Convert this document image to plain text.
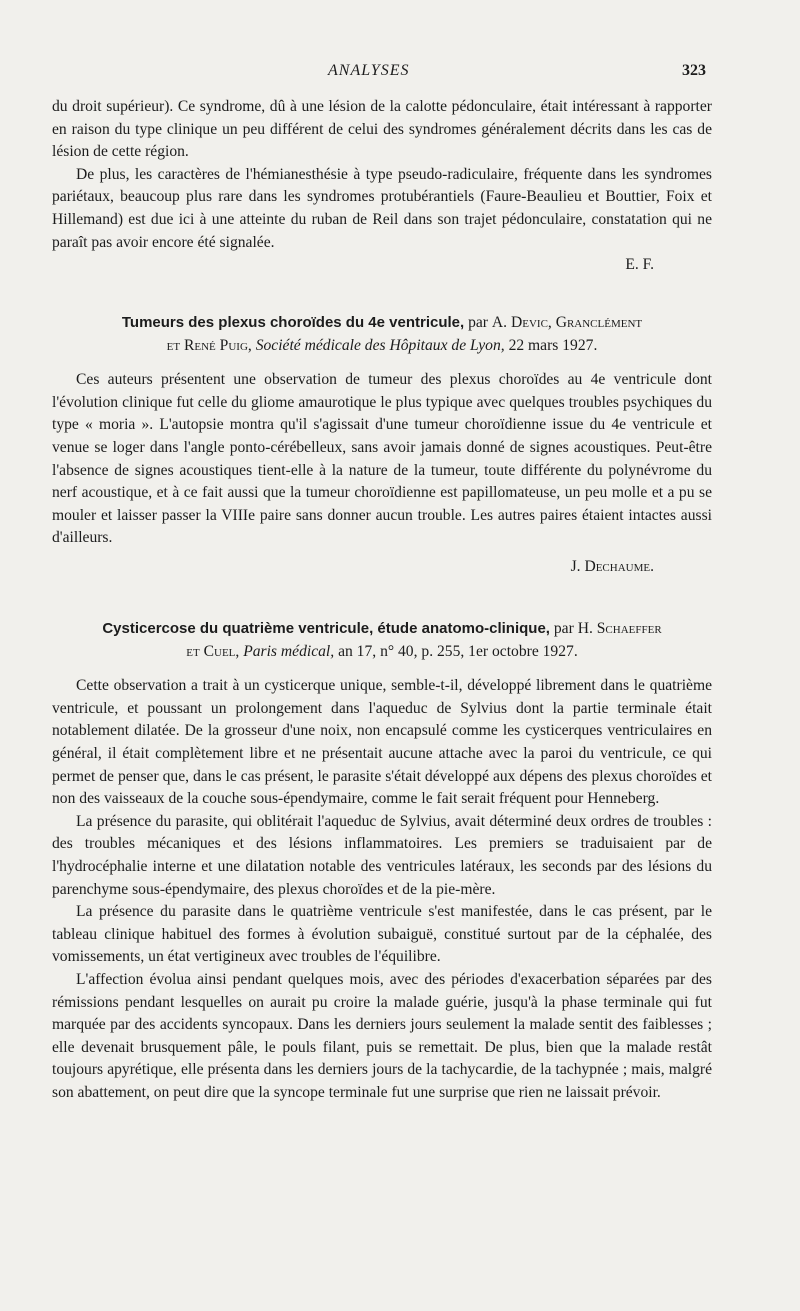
ANALYSES	323

du droit supérieur). Ce syndrome, dû à une lésion de la calotte pédonculaire, était intéressant à rapporter en raison du type clinique un peu différent de celui des syndromes généralement décrits dans les cas de lésion de cette région.

De plus, les caractères de l'hémianesthésie à type pseudo-radiculaire, fréquente dans les syndromes pariétaux, beaucoup plus rare dans les syndromes protubérantiels (Faure-Beaulieu et Bouttier, Foix et Hillemand) est due ici à une atteinte du ruban de Reil dans son trajet pédonculaire, constatation qui ne paraît pas avoir encore été signalée.

E. F.

Tumeurs des plexus choroïdes du 4e ventricule, par A. Devic, Granclément
et René Puig, Société médicale des Hôpitaux de Lyon, 22 mars 1927.

Ces auteurs présentent une observation de tumeur des plexus choroïdes au 4e ventricule dont l'évolution clinique fut celle du gliome amaurotique le plus typique avec quelques troubles psychiques du type « moria ». L'autopsie montra qu'il s'agissait d'une tumeur choroïdienne issue du 4e ventricule et venue se loger dans l'angle ponto-cérébelleux, sans avoir jamais donné de signes acoustiques. Peut-être l'absence de signes acoustiques tient-elle à la nature de la tumeur, toute différente du polynévrome du nerf acoustique, et à ce fait aussi que la tumeur choroïdienne est papillomateuse, un peu molle et a pu se mouler et laisser passer la VIIIe paire sans donner aucun trouble. Les autres paires étaient intactes aussi d'ailleurs.

J. Dechaume.

Cysticercose du quatrième ventricule, étude anatomo-clinique, par H. Schaeffer
et Cuel, Paris médical, an 17, n° 40, p. 255, 1er octobre 1927.

Cette observation a trait à un cysticerque unique, semble-t-il, développé librement dans le quatrième ventricule, et poussant un prolongement dans l'aqueduc de Sylvius dont la partie terminale était notablement dilatée. De la grosseur d'une noix, non encapsulé comme les cysticerques ventriculaires en général, il était complètement libre et ne présentait aucune attache avec la paroi du ventricule, ce qui permet de penser que, dans le cas présent, le parasite s'était développé aux dépens des plexus choroïdes et non des vaisseaux de la couche sous-épendymaire, comme le fait serait fréquent pour Henneberg.

La présence du parasite, qui oblitérait l'aqueduc de Sylvius, avait déterminé deux ordres de troubles : des troubles mécaniques et des lésions inflammatoires. Les premiers se traduisaient par de l'hydrocéphalie interne et une dilatation notable des ventricules latéraux, les seconds par des lésions du parenchyme sous-épendymaire, des plexus choroïdes et de la pie-mère.

La présence du parasite dans le quatrième ventricule s'est manifestée, dans le cas présent, par le tableau clinique habituel des formes à évolution subaiguë, constitué surtout par de la céphalée, des vomissements, un état vertigineux avec troubles de l'équilibre.

L'affection évolua ainsi pendant quelques mois, avec des périodes d'exacerbation séparées par des rémissions pendant lesquelles on aurait pu croire la malade guérie, jusqu'à la phase terminale qui fut marquée par des accidents syncopaux. Dans les derniers jours seulement la malade sentit des faiblesses ; elle devenait brusquement pâle, le pouls filant, puis se remettait. De plus, bien que la malade restât toujours apyrétique, elle présenta dans les derniers jours de la tachycardie, de la tachypnée ; mais, malgré son abattement, on peut dire que la syncope terminale fut une surprise que rien ne laissait prévoir.
